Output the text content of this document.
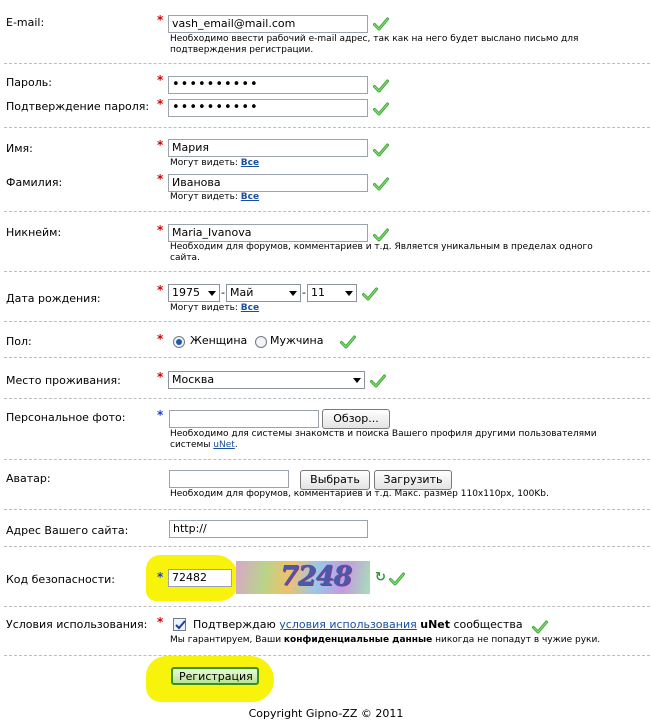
E-mail:	* vash_email@mail.com
Необходимо ввести рабочий e-mail адрес, так как на него будет выслано письмо для
подтверждения регистрации.
Пароль:	* ••••••••••
Подтверждение пароля: * ••••••••••
Имя:	* Мария
Могут видеть: Все
Фамилия:	* Иванова
Могут видеть: Все
Никнейм:	* Maria_Ivanova
Необходим для форумов, комментариев и т.д. Является уникальным в пределах одного
сайта.
Дата рождения:
* 1975	- Май	- 11
Могут видеть: Все
Пол:	* Женщина Мужчина
Место проживания:	* Москва
Персональное фото:	*	Обзор...
Необходимо для системы знакомств и поиска Вашего профиля другими пользователями
системы uNet.
Аватар:	Выбрать	Загрузить
Необходим для форумов, комментариев и т.д. Макс. размер 110x110px, 100Kb.
Адрес Вашего сайта:	http://
Код безопасности:	* 72482	7248 ↻
Условия использования: *	Подтверждаю условия использования uNet сообщества
Мы гарантируем, Ваши конфиденциальные данные никогда не попадут в чужие руки.
Регистрация
Copyright Gipno-ZZ © 2011
